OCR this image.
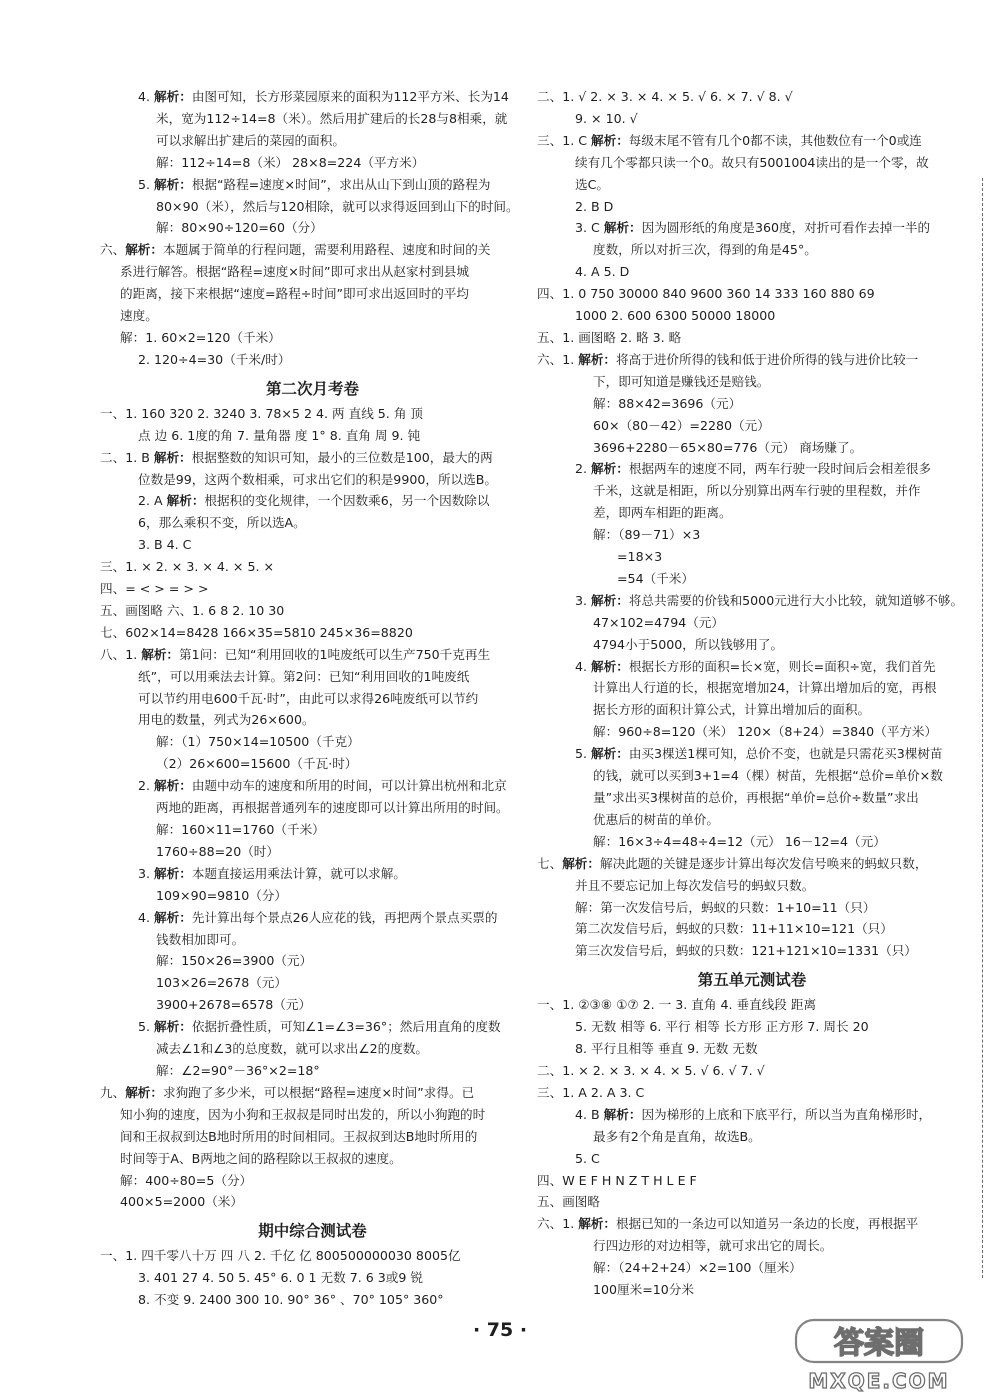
4. 解析：由图可知，长方形菜园原来的面积为112平方米、长为14
米，宽为112÷14=8（米）。然后用扩建后的长28与8相乘，就
可以求解出扩建后的菜园的面积。
解：112÷14=8（米） 28×8=224（平方米）
5. 解析：根据“路程=速度×时间”，求出从山下到山顶的路程为
80×90（米），然后与120相除，就可以求得返回到山下的时间。
解：80×90÷120=60（分）
六、解析：本题属于简单的行程问题，需要利用路程、速度和时间的关
系进行解答。根据“路程=速度×时间”即可求出从赵家村到县城
的距离，接下来根据“速度=路程÷时间”即可求出返回时的平均
速度。
解：1. 60×2=120（千米）
2. 120÷4=30（千米/时）
第二次月考卷
一、1. 160 320 2. 3240 3. 78×5 2 4. 两 直线 5. 角 顶
点 边 6. 1度的角 7. 量角器 度 1° 8. 直角 周 9. 钝
二、1. B 解析：根据整数的知识可知，最小的三位数是100，最大的两
位数是99，这两个数相乘，可求出它们的积是9900，所以选B。
2. A 解析：根据积的变化规律，一个因数乘6，另一个因数除以
6，那么乘积不变，所以选A。
3. B 4. C
三、1. × 2. × 3. × 4. × 5. ×
四、= < > = > >
五、画图略 六、1. 6 8 2. 10 30
七、602×14=8428 166×35=5810 245×36=8820
八、1. 解析：第1问：已知“利用回收的1吨废纸可以生产750千克再生
纸”，可以用乘法去计算。第2问：已知“利用回收的1吨废纸
可以节约用电600千瓦·时”，由此可以求得26吨废纸可以节约
用电的数量，列式为26×600。
解：（1）750×14=10500（千克）
（2）26×600=15600（千瓦·时）
2. 解析：由题中动车的速度和所用的时间，可以计算出杭州和北京
两地的距离，再根据普通列车的速度即可以计算出所用的时间。
解：160×11=1760（千米）
1760÷88=20（时）
3. 解析：本题直接运用乘法计算，就可以求解。
109×90=9810（分）
4. 解析：先计算出每个景点26人应花的钱，再把两个景点买票的
钱数相加即可。
解：150×26=3900（元）
103×26=2678（元）
3900+2678=6578（元）
5. 解析：依据折叠性质，可知∠1=∠3=36°；然后用直角的度数
减去∠1和∠3的总度数，就可以求出∠2的度数。
解：∠2=90°－36°×2=18°
九、解析：求狗跑了多少米，可以根据“路程=速度×时间”求得。已
知小狗的速度，因为小狗和王叔叔是同时出发的，所以小狗跑的时
间和王叔叔到达B地时所用的时间相同。王叔叔到达B地时所用的
时间等于A、B两地之间的路程除以王叔叔的速度。
解：400÷80=5（分）
400×5=2000（米）
期中综合测试卷
一、1. 四千零八十万 四 八 2. 千亿 亿 800500000030 8005亿
3. 401 27 4. 50 5. 45° 6. 0 1 无数 7. 6 3或9 锐
8. 不变 9. 2400 300 10. 90° 36° 、70° 105° 360°
二、1. √ 2. × 3. × 4. × 5. √ 6. × 7. √ 8. √
9. × 10. √
三、1. C 解析：每级末尾不管有几个0都不读，其他数位有一个0或连
续有几个零都只读一个0。故只有5001004读出的是一个零，故
选C。
2. B D
3. C 解析：因为圆形纸的角度是360度，对折可看作去掉一半的
度数，所以对折三次，得到的角是45°。
4. A 5. D
四、1. 0 750 30000 840 9600 360 14 333 160 880 69
1000 2. 600 6300 50000 18000
五、1. 画图略 2. 略 3. 略
六、1. 解析：将高于进价所得的钱和低于进价所得的钱与进价比较一
下，即可知道是赚钱还是赔钱。
解：88×42=3696（元）
60×（80－42）=2280（元）
3696+2280－65×80=776（元） 商场赚了。
2. 解析：根据两车的速度不同，两车行驶一段时间后会相差很多
千米，这就是相距，所以分别算出两车行驶的里程数，并作
差，即两车相距的距离。
解：（89－71）×3
=18×3
=54（千米）
3. 解析：将总共需要的价钱和5000元进行大小比较，就知道够不够。
47×102=4794（元）
4794小于5000，所以钱够用了。
4. 解析：根据长方形的面积=长×宽，则长=面积÷宽，我们首先
计算出人行道的长，根据宽增加24，计算出增加后的宽，再根
据长方形的面积计算公式，计算出增加后的面积。
解：960÷8=120（米） 120×（8+24）=3840（平方米）
5. 解析：由买3棵送1棵可知，总价不变，也就是只需花买3棵树苗
的钱，就可以买到3+1=4（棵）树苗，先根据“总价=单价×数
量”求出买3棵树苗的总价，再根据“单价=总价÷数量”求出
优惠后的树苗的单价。
解：16×3÷4=48÷4=12（元） 16－12=4（元）
七、解析：解决此题的关键是逐步计算出每次发信号唤来的蚂蚁只数，
并且不要忘记加上每次发信号的蚂蚁只数。
解：第一次发信号后，蚂蚁的只数：1+10=11（只）
第二次发信号后，蚂蚁的只数：11+11×10=121（只）
第三次发信号后，蚂蚁的只数：121+121×10=1331（只）
第五单元测试卷
一、1. ②③⑧ ①⑦ 2. 一 3. 直角 4. 垂直线段 距离
5. 无数 相等 6. 平行 相等 长方形 正方形 7. 周长 20
8. 平行且相等 垂直 9. 无数 无数
二、1. × 2. × 3. × 4. × 5. √ 6. √ 7. √
三、1. A 2. A 3. C
4. B 解析：因为梯形的上底和下底平行，所以当为直角梯形时，
最多有2个角是直角，故选B。
5. C
四、W E F H N Z T H L E F
五、画图略
六、1. 解析：根据已知的一条边可以知道另一条边的长度，再根据平
行四边形的对边相等，就可求出它的周长。
解：（24+2+24）×2=100（厘米）
100厘米=10分米
· 75 ·	答案圈
MXQE.COM
